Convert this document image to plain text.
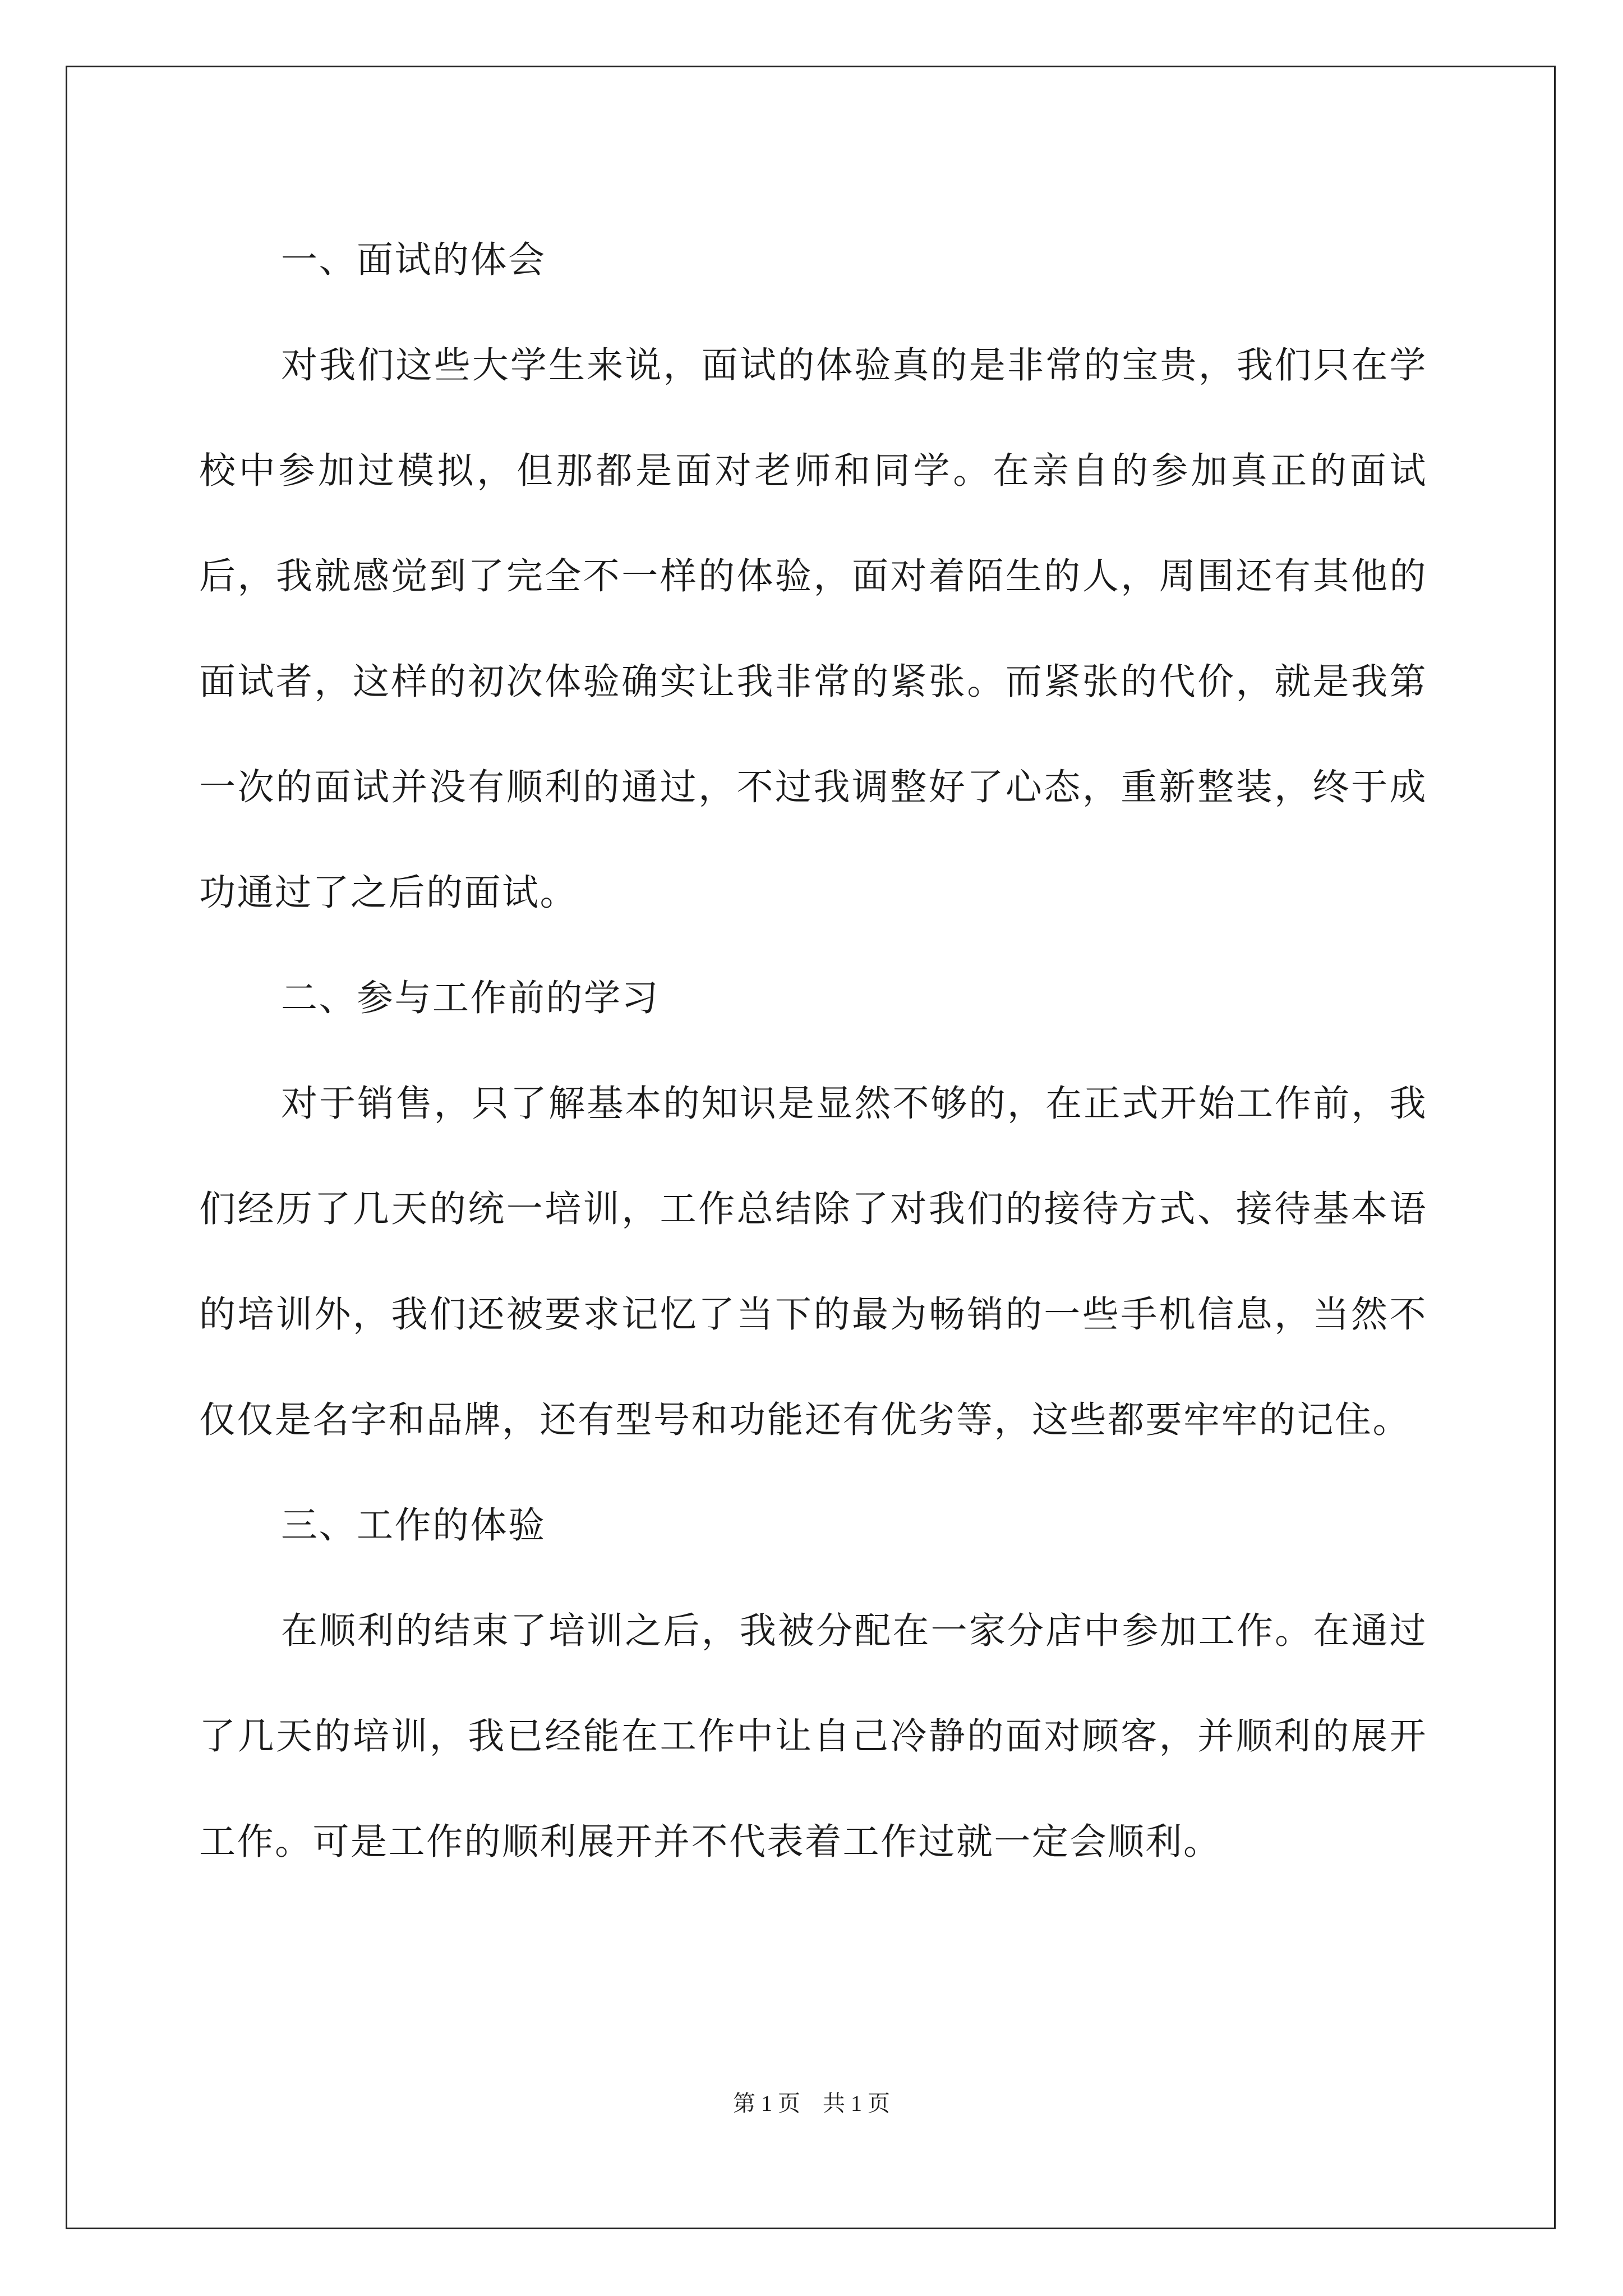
一、面试的体会

对我们这些大学生来说，面试的体验真的是非常的宝贵，我们只在学校中参加过模拟，但那都是面对老师和同学。在亲自的参加真正的面试后，我就感觉到了完全不一样的体验，面对着陌生的人，周围还有其他的面试者，这样的初次体验确实让我非常的紧张。而紧张的代价，就是我第一次的面试并没有顺利的通过，不过我调整好了心态，重新整装，终于成功通过了之后的面试。

二、参与工作前的学习

对于销售，只了解基本的知识是显然不够的，在正式开始工作前，我们经历了几天的统一培训，工作总结除了对我们的接待方式、接待基本语的培训外，我们还被要求记忆了当下的最为畅销的一些手机信息，当然不仅仅是名字和品牌，还有型号和功能还有优劣等，这些都要牢牢的记住。

三、工作的体验

在顺利的结束了培训之后，我被分配在一家分店中参加工作。在通过了几天的培训，我已经能在工作中让自己冷静的面对顾客，并顺利的展开工作。可是工作的顺利展开并不代表着工作过就一定会顺利。

第 1 页 共 1 页
